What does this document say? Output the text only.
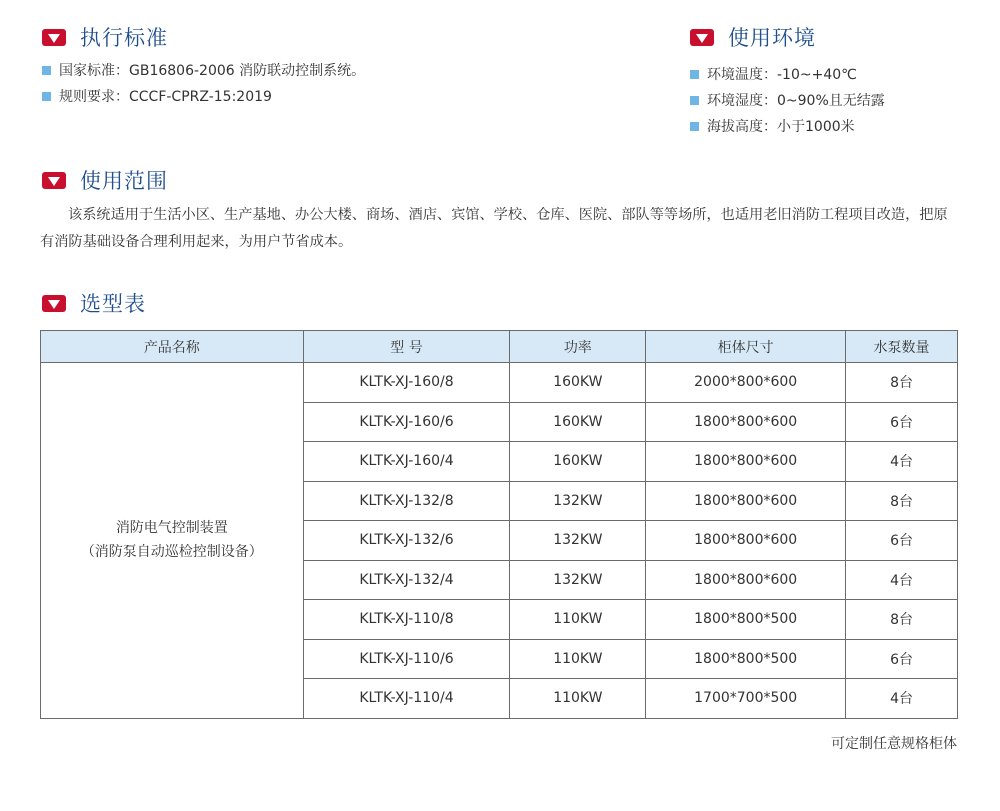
执行标准
国家标准：GB16806-2006 消防联动控制系统。
规则要求：CCCF-CPRZ-15:2019
使用环境
环境温度：-10~+40℃
环境湿度：0~90%且无结露
海拔高度：小于1000米
使用范围

该系统适用于生活小区、生产基地、办公大楼、商场、酒店、宾馆、学校、仓库、医院、部队等等场所，也适用老旧消防工程项目改造，把原有消防基础设备合理利用起来，为用户节省成本。

选型表
产品名称	型 号	功率	柜体尺寸	水泵数量

消防电气控制装置
（消防泵自动巡检控制设备）	KLTK-XJ-160/8	160KW	2000*800*600	8台
	KLTK-XJ-160/6	160KW	1800*800*600	6台
	KLTK-XJ-160/4	160KW	1800*800*600	4台
	KLTK-XJ-132/8	132KW	1800*800*600	8台
	KLTK-XJ-132/6	132KW	1800*800*600	6台
	KLTK-XJ-132/4	132KW	1800*800*600	4台
	KLTK-XJ-110/8	110KW	1800*800*500	8台
	KLTK-XJ-110/6	110KW	1800*800*500	6台
	KLTK-XJ-110/4	110KW	1700*700*500	4台
可定制任意规格柜体
